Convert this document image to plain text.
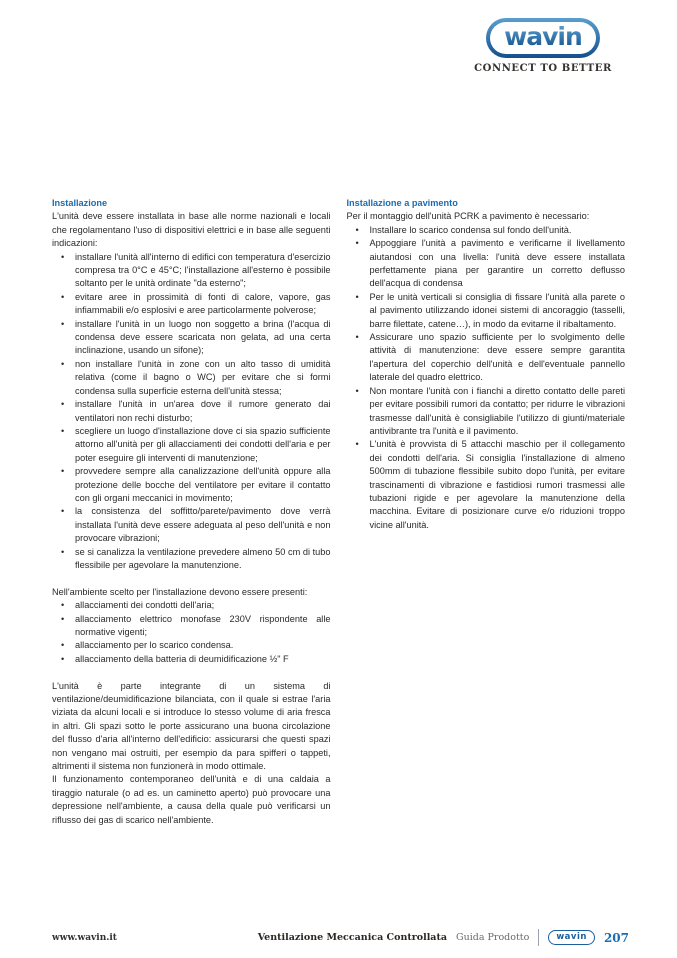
wavin
CONNECT TO BETTER
Installazione

L'unità deve essere installata in base alle norme nazionali e locali che regolamentano l'uso di dispositivi elettrici e in base alle seguenti indicazioni:

• installare l'unità all'interno di edifici con temperatura d'esercizio compresa tra 0°C e 45°C; l'installazione all'esterno è possibile soltanto per le unità ordinate "da esterno";
• evitare aree in prossimità di fonti di calore, vapore, gas infiammabili e/o esplosivi e aree particolarmente polverose;
• installare l'unità in un luogo non soggetto a brina (l'acqua di condensa deve essere scaricata non gelata, ad una certa inclinazione, usando un sifone);
• non installare l'unità in zone con un alto tasso di umidità relativa (come il bagno o WC) per evitare che si formi condensa sulla superficie esterna dell'unità stessa;
• installare l'unità in un'area dove il rumore generato dai ventilatori non rechi disturbo;
• scegliere un luogo d'installazione dove ci sia spazio sufficiente attorno all'unità per gli allacciamenti dei condotti dell'aria e per poter eseguire gli interventi di manutenzione;
• provvedere sempre alla canalizzazione dell'unità oppure alla protezione delle bocche del ventilatore per evitare il contatto con gli organi meccanici in movimento;
• la consistenza del soffitto/parete/pavimento dove verrà installata l'unità deve essere adeguata al peso dell'unità e non provocare vibrazioni;
• se si canalizza la ventilazione prevedere almeno 50 cm di tubo flessibile per agevolare la manutenzione.

Nell'ambiente scelto per l'installazione devono essere presenti:

• allacciamenti dei condotti dell'aria;
• allacciamento elettrico monofase 230V rispondente alle normative vigenti;
• allacciamento per lo scarico condensa.
• allacciamento della batteria di deumidificazione ½" F

L'unità è parte integrante di un sistema di ventilazione/deumidificazione bilanciata, con il quale si estrae l'aria viziata da alcuni locali e si introduce lo stesso volume di aria fresca in altri. Gli spazi sotto le porte assicurano una buona circolazione del flusso d'aria all'interno dell'edificio: assicurarsi che questi spazi non vengano mai ostruiti, per esempio da para spifferi o tappeti, altrimenti il sistema non funzionerà in modo ottimale.

Il funzionamento contemporaneo dell'unità e di una caldaia a tiraggio naturale (o ad es. un caminetto aperto) può provocare una depressione nell'ambiente, a causa della quale può verificarsi un riflusso dei gas di scarico nell'ambiente.

Installazione a pavimento

Per il montaggio dell'unità PCRK a pavimento è necessario:

• Installare lo scarico condensa sul fondo dell'unità.
• Appoggiare l'unità a pavimento e verificarne il livellamento aiutandosi con una livella: l'unità deve essere installata perfettamente piana per garantire un corretto deflusso dell'acqua di condensa
• Per le unità verticali si consiglia di fissare l'unità alla parete o al pavimento utilizzando idonei sistemi di ancoraggio (tasselli, barre filettate, catene…), in modo da evitarne il ribaltamento.
• Assicurare uno spazio sufficiente per lo svolgimento delle attività di manutenzione: deve essere sempre garantita l'apertura del coperchio dell'unità e dell'eventuale pannello laterale del quadro elettrico.
• Non montare l'unità con i fianchi a diretto contatto delle pareti per evitare possibili rumori da contatto; per ridurre le vibrazioni trasmesse dall'unità è consigliabile l'utilizzo di giunti/materiale antivibrante tra l'unità e il pavimento.
• L'unità è provvista di 5 attacchi maschio per il collegamento dei condotti dell'aria. Si consiglia l'installazione di almeno 500mm di tubazione flessibile subito dopo l'unità, per evitare trascinamenti di vibrazione e fastidiosi rumori trasmessi alle tubazioni rigide e per agevolare la manutenzione della macchina. Evitare di posizionare curve e/o riduzioni troppo vicine all'unità.
www.wavin.it	Ventilazione Meccanica Controllata Guida Prodotto	wavin	207
